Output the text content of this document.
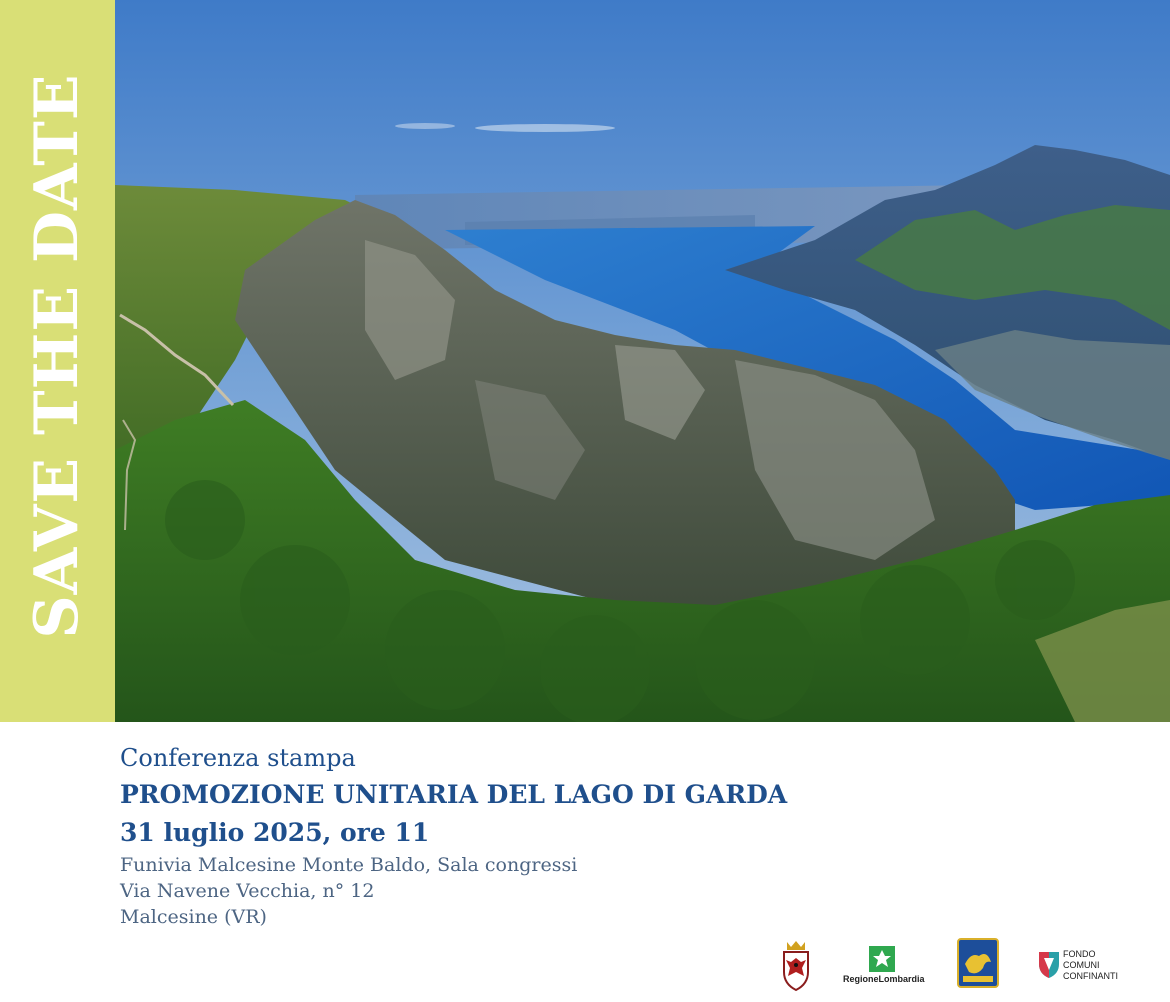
SAVE THE DATE
Conferenza stampa
PROMOZIONE UNITARIA DEL LAGO DI GARDA
31 luglio 2025, ore 11
Funivia Malcesine Monte Baldo, Sala congressi
Via Navene Vecchia, n° 12
Malcesine (VR)
RegioneLombardia
FONDO
COMUNI
CONFINANTI
